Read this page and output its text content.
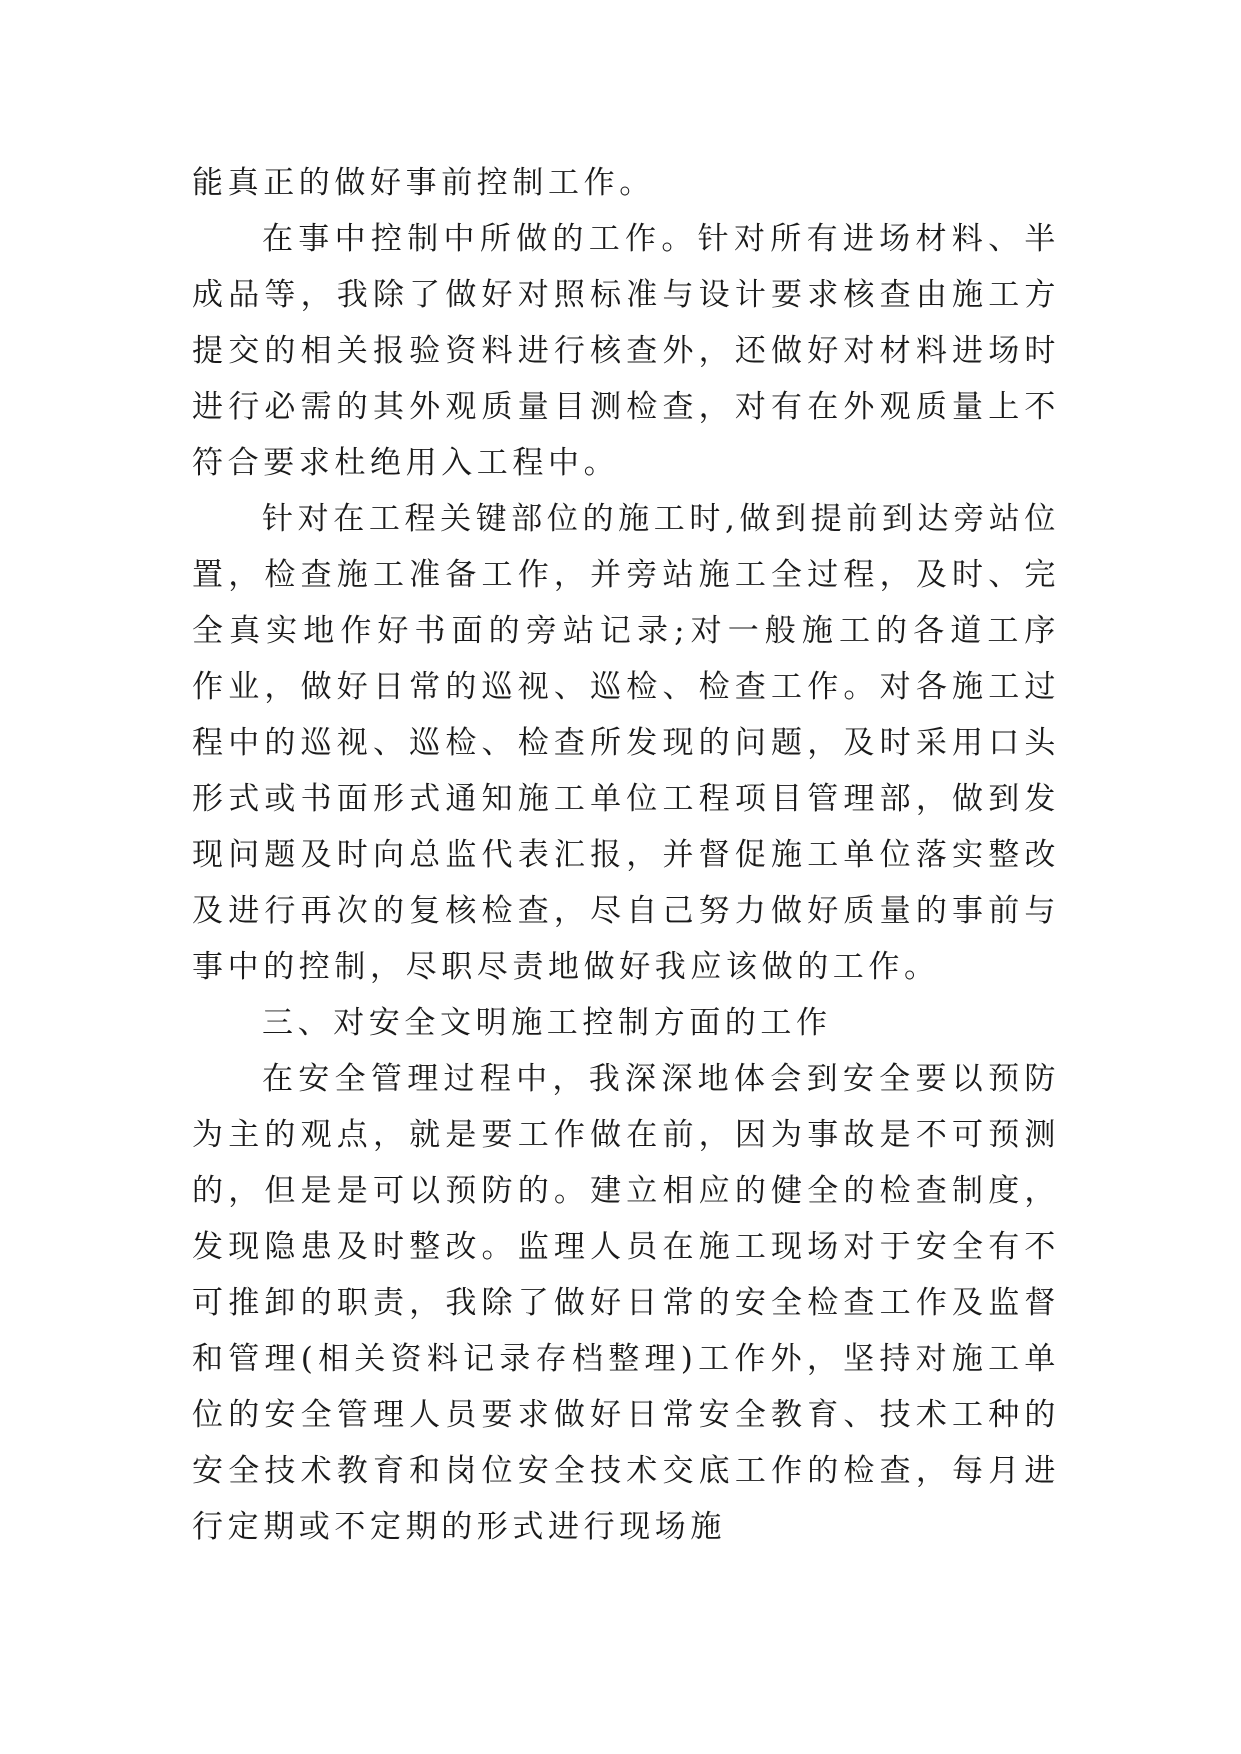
能真正的做好事前控制工作。

在事中控制中所做的工作。针对所有进场材料、半成品等，我除了做好对照标准与设计要求核查由施工方提交的相关报验资料进行核查外，还做好对材料进场时进行必需的其外观质量目测检查，对有在外观质量上不符合要求杜绝用入工程中。

针对在工程关键部位的施工时,做到提前到达旁站位置，检查施工准备工作，并旁站施工全过程，及时、完全真实地作好书面的旁站记录;对一般施工的各道工序作业，做好日常的巡视、巡检、检查工作。对各施工过程中的巡视、巡检、检查所发现的问题，及时采用口头形式或书面形式通知施工单位工程项目管理部，做到发现问题及时向总监代表汇报，并督促施工单位落实整改及进行再次的复核检查，尽自己努力做好质量的事前与事中的控制，尽职尽责地做好我应该做的工作。

三、对安全文明施工控制方面的工作

在安全管理过程中，我深深地体会到安全要以预防为主的观点，就是要工作做在前，因为事故是不可预测的，但是是可以预防的。建立相应的健全的检查制度，发现隐患及时整改。监理人员在施工现场对于安全有不可推卸的职责，我除了做好日常的安全检查工作及监督和管理(相关资料记录存档整理)工作外，坚持对施工单位的安全管理人员要求做好日常安全教育、技术工种的安全技术教育和岗位安全技术交底工作的检查，每月进行定期或不定期的形式进行现场施
